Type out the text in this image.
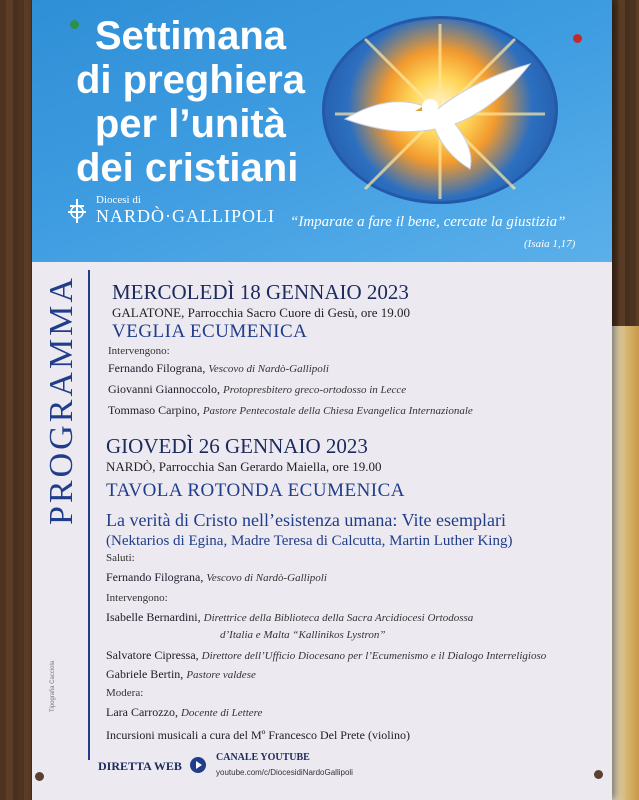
Settimana
di preghiera
per l’unità
dei cristiani
Diocesi di
NARDÒ·GALLIPOLI “Imparate a fare il bene, cercate la giustizia”
(Isaia 1,17)
PROGRAMMA
Tipografia Cacciola
MERCOLEDÌ 18 GENNAIO 2023
GALATONE, Parrocchia Sacro Cuore di Gesù, ore 19.00
VEGLIA ECUMENICA
Intervengono:
Fernando Filograna, Vescovo di Nardò-Gallipoli
Giovanni Giannoccolo, Protopresbitero greco-ortodosso in Lecce
Tommaso Carpino, Pastore Pentecostale della Chiesa Evangelica Internazionale
GIOVEDÌ 26 GENNAIO 2023
NARDÒ, Parrocchia San Gerardo Maiella, ore 19.00
TAVOLA ROTONDA ECUMENICA
La verità di Cristo nell’esistenza umana: Vite esemplari
(Nektarios di Egina, Madre Teresa di Calcutta, Martin Luther King)
Saluti:
Fernando Filograna, Vescovo di Nardò-Gallipoli
Intervengono:
Isabelle Bernardini, Direttrice della Biblioteca della Sacra Arcidiocesi Ortodossa
d’Italia e Malta “Kallinikos Lystron”
Salvatore Cipressa, Direttore dell’Ufficio Diocesano per l’Ecumenismo e il Dialogo Interreligioso
Gabriele Bertin, Pastore valdese
Modera:
Lara Carrozzo, Docente di Lettere
Incursioni musicali a cura del Mº Francesco Del Prete (violino)
DIRETTA WEB
CANALE YOUTUBE
youtube.com/c/DiocesidiNardoGallipoli
